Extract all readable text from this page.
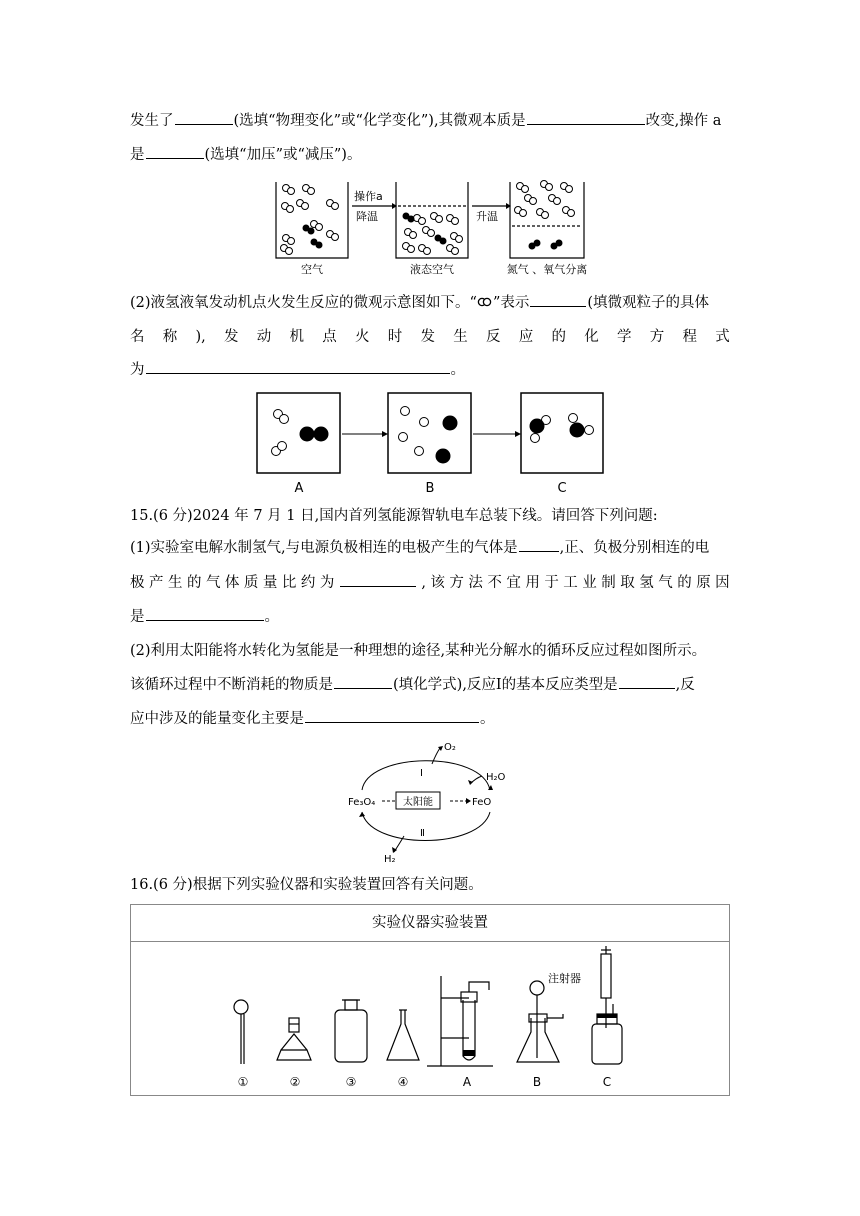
发生了	(选填“物理变化”或“化学变化”),其微观本质是	改变,操作 a
是	(选填“加压”或“减压”)。
操作a
降温	升温
空气	液态空气	氮气 、氧气分离
(2)液氢液氧发动机点火发生反应的微观示意图如下。“ ”表示	(填微观粒子的具体
名 称 ), 发 动 机 点 火 时 发 生 反 应 的 化 学 方 程 式
为	。
A	B	C
15.(6 分)2024 年 7 月 1 日,国内首列氢能源智轨电车总装下线。请回答下列问题:
(1)实验室电解水制氢气,与电源负极相连的电极产生的气体是	,正、负极分别相连的电
极 产 生 的 气 体 质 量 比 约 为	, 该 方 法 不 宜 用 于 工 业 制 取 氢 气 的 原 因
是	。
(2)利用太阳能将水转化为氢能是一种理想的途径,某种光分解水的循环反应过程如图所示。
该循环过程中不断消耗的物质是	(填化学式),反应Ⅰ的基本反应类型是	,反
应中涉及的能量变化主要是	。
O₂
H₂O
Fe₃O₄	FeO
太阳能
Ⅰ
Ⅱ
H₂
16.(6 分)根据下列实验仪器和实验装置回答有关问题。
实验仪器实验装置
注射器
①	②	③	④	A	B	C
